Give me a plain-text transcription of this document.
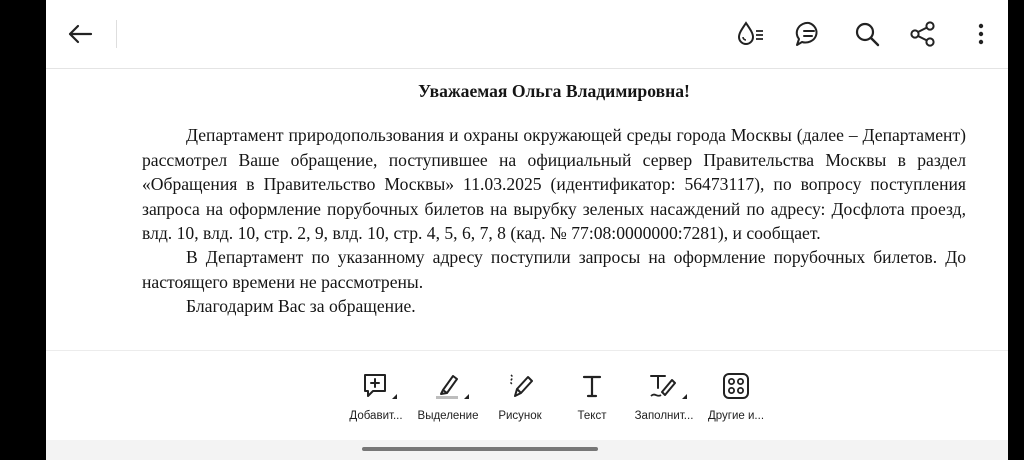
Уважаемая Ольга Владимировна!

Департамент природопользования и охраны окружающей среды города Москвы (далее – Департамент) рассмотрел Ваше обращение, поступившее на официальный сервер Правительства Москвы в раздел «Обращения в Правительство Москвы» 11.03.2025 (идентификатор: 56473117), по вопросу поступления запроса на оформление порубочных билетов на вырубку зеленых насаждений по адресу: Досфлота проезд, влд. 10, влд. 10, стр. 2, 9, влд. 10, стр. 4, 5, 6, 7, 8 (кад. № 77:08:0000000:7281), и сообщает.

В Департамент по указанному адресу поступили запросы на оформление порубочных билетов. До настоящего времени не рассмотрены.

Благодарим Вас за обращение.

Добавит...	Выделение	Рисунок	Текст	Заполнит...	Другие и...
